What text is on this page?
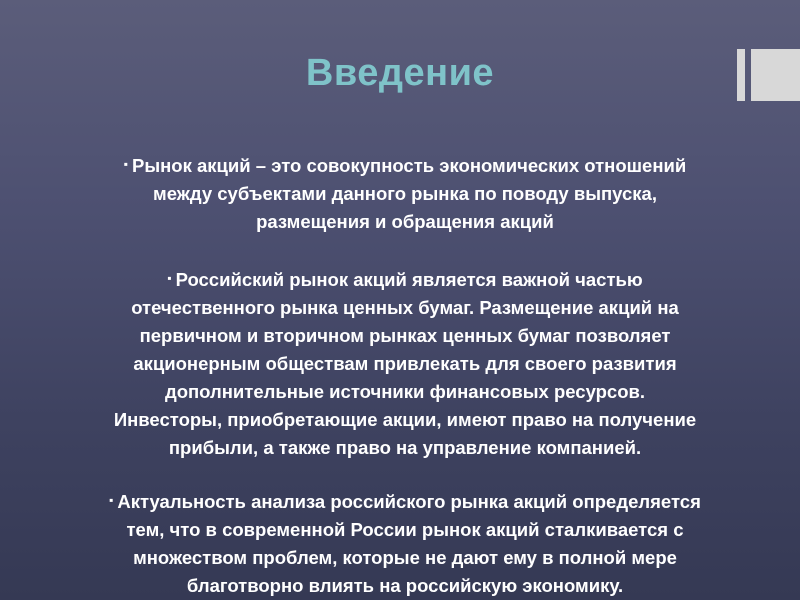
Введение

▪ Рынок акций – это совокупность экономических отношений
между субъектами данного рынка по поводу выпуска,
размещения и обращения акций

▪ Российский рынок акций является важной частью
отечественного рынка ценных бумаг. Размещение акций на
первичном и вторичном рынках ценных бумаг позволяет
акционерным обществам привлекать для своего развития
дополнительные источники финансовых ресурсов.
Инвесторы, приобретающие акции, имеют право на получение
прибыли, а также право на управление компанией.

▪ Актуальность анализа российского рынка акций определяется
тем, что в современной России рынок акций сталкивается с
множеством проблем, которые не дают ему в полной мере
благотворно влиять на российскую экономику.
